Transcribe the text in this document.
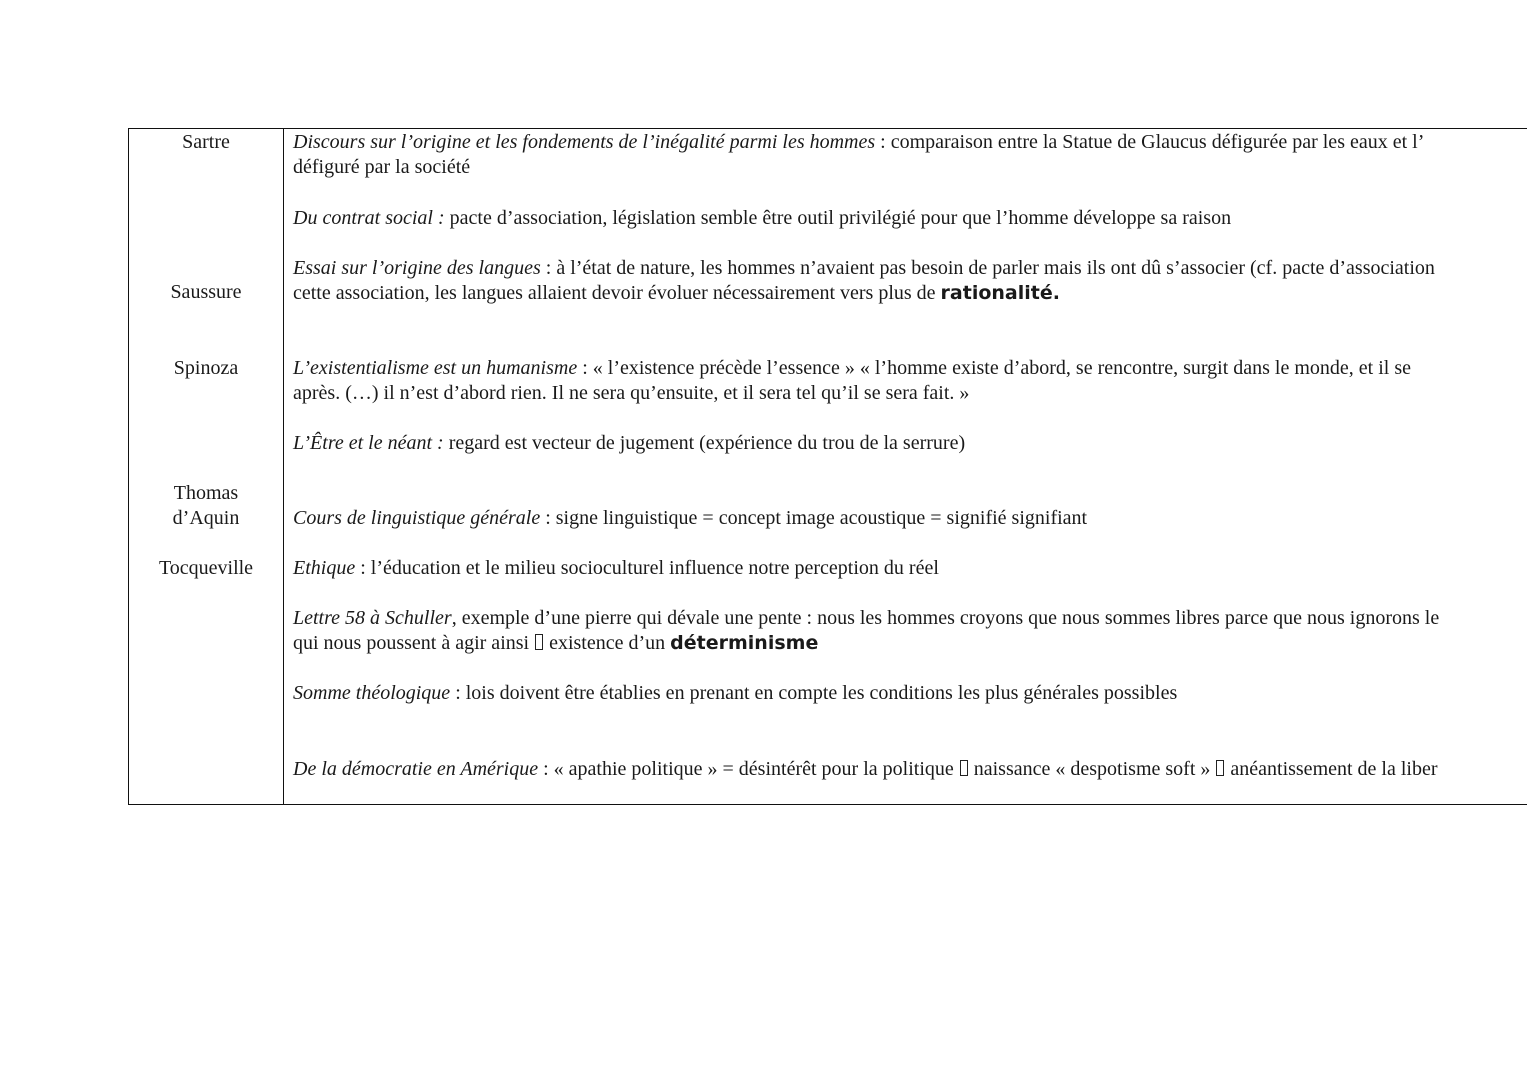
Sartre
Saussure
Spinoza
Thomas
d’Aquin
Tocqueville
Discours sur l’origine et les fondements de l’inégalité parmi les hommes : comparaison entre la Statue de Glaucus défigurée par les eaux et l’
défiguré par la société
Du contrat social : pacte d’association, législation semble être outil privilégié pour que l’homme développe sa raison
Essai sur l’origine des langues : à l’état de nature, les hommes n’avaient pas besoin de parler mais ils ont dû s’associer (cf. pacte d’association
cette association, les langues allaient devoir évoluer nécessairement vers plus de rationalité.
L’existentialisme est un humanisme : « l’existence précède l’essence » « l’homme existe d’abord, se rencontre, surgit dans le monde, et il se
après. (…) il n’est d’abord rien. Il ne sera qu’ensuite, et il sera tel qu’il se sera fait. »
L’Être et le néant : regard est vecteur de jugement (expérience du trou de la serrure)
Cours de linguistique générale : signe linguistique = concept image acoustique = signifié signifiant
Ethique : l’éducation et le milieu socioculturel influence notre perception du réel
Lettre 58 à Schuller, exemple d’une pierre qui dévale une pente : nous les hommes croyons que nous sommes libres parce que nous ignorons le
qui nous poussent à agir ainsi  existence d’un déterminisme
Somme théologique : lois doivent être établies en prenant en compte les conditions les plus générales possibles
De la démocratie en Amérique : « apathie politique » = désintérêt pour la politique  naissance « despotisme soft »  anéantissement de la liber
